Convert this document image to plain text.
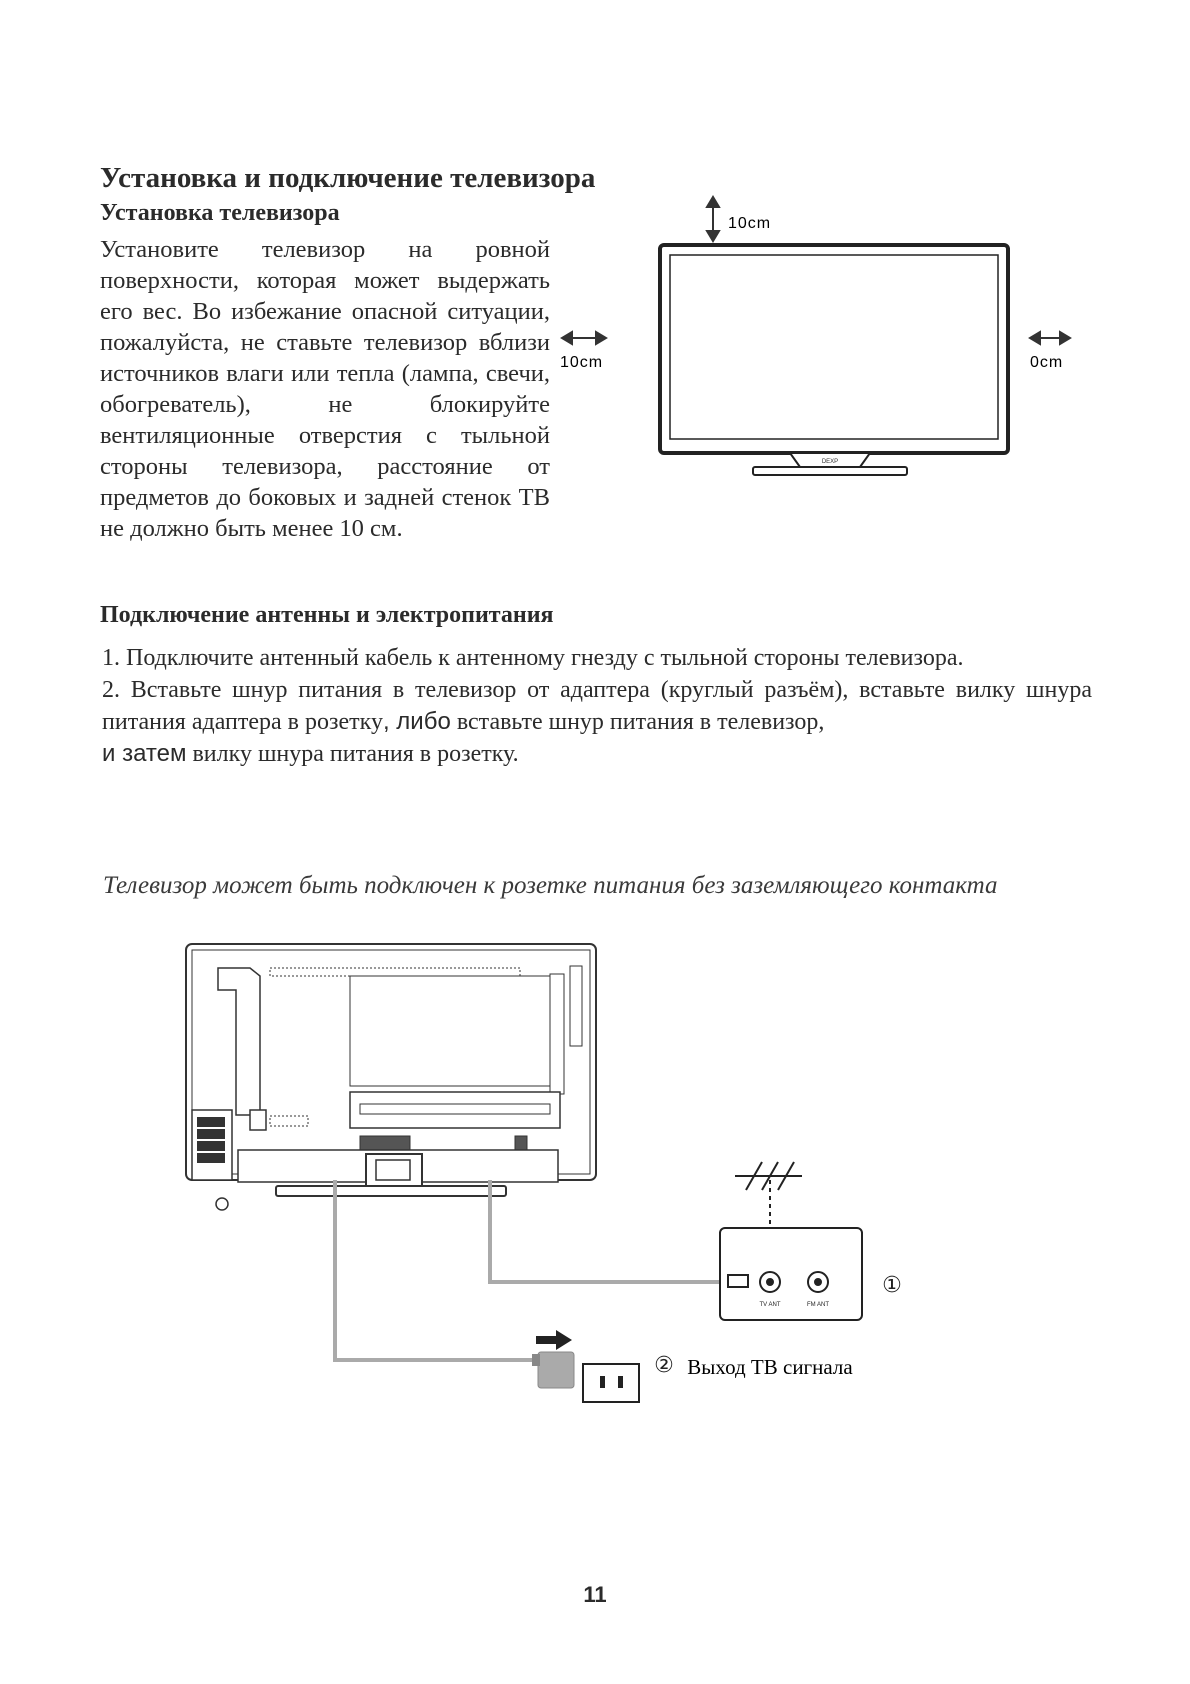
Установка и подключение телевизора
Установка телевизора
Установите телевизор на ровной поверхности, которая может выдержать его вес. Во избежание опасной ситуации, пожалуйста, не ставьте телевизор вблизи источников влаги или тепла (лампа, свечи, обогреватель), не блокируйте вентиляционные отверстия с тыльной стороны телевизора, расстояние от предметов до боковых и задней стенок ТВ не должно быть менее 10 см.
10cm
DEXP
10cm	0cm
Подключение антенны и электропитания
1. Подключите антенный кабель к антенному гнезду с тыльной стороны телевизора.
2. Вставьте шнур питания в телевизор от адаптера (круглый разъём), вставьте вилку шнура питания адаптера в розетку, либо вставьте шнур питания в телевизор,
и затем вилку шнура питания в розетку.
Телевизор может быть подключен к розетке питания без заземляющего контакта
TV ANT	FM ANT
①
Выход ТВ сигнала
②
11
